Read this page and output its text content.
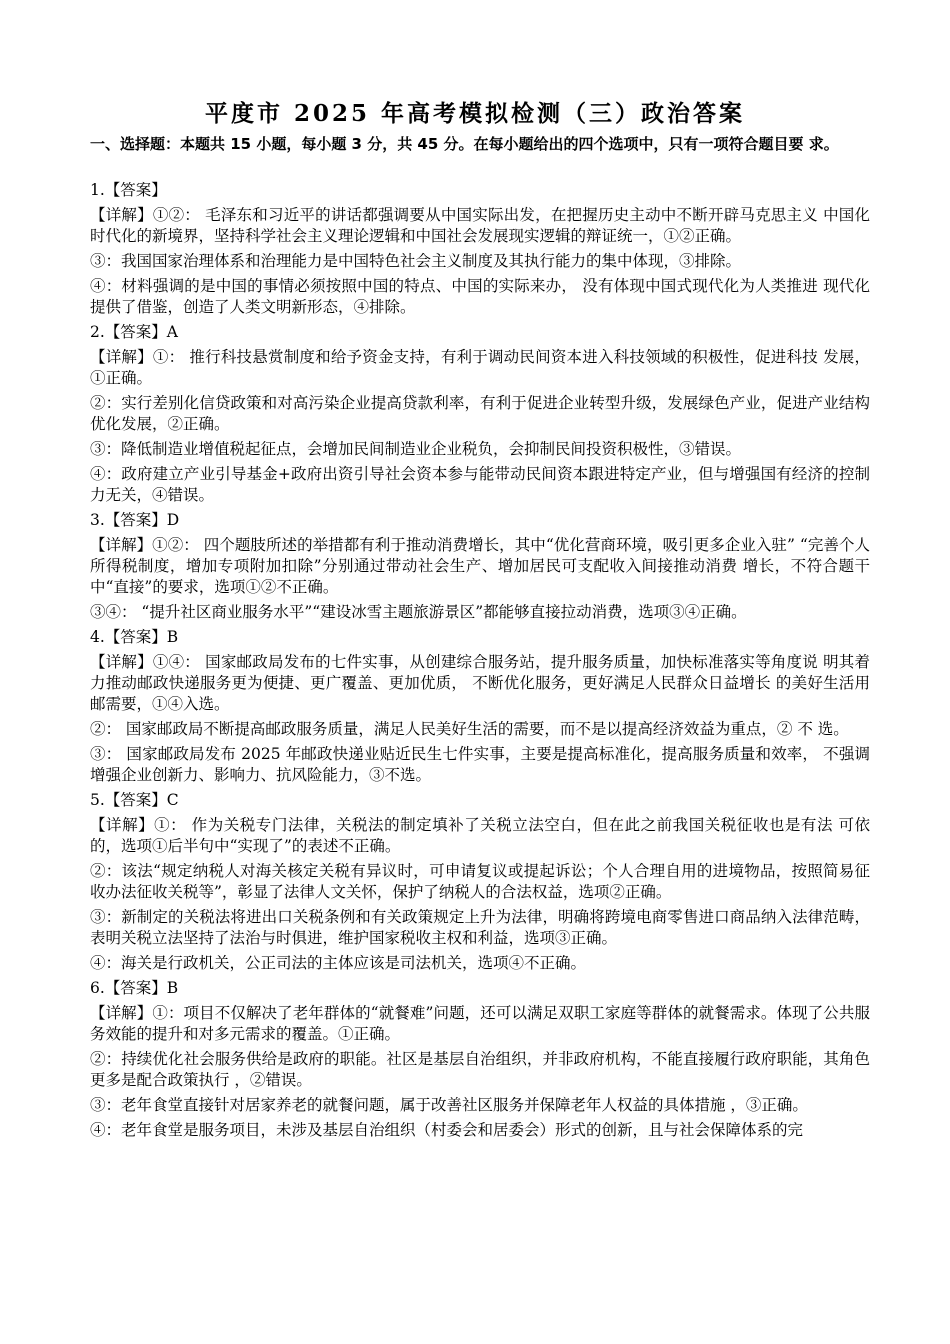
平度市 2025 年高考模拟检测（三）政治答案
一、选择题：本题共 15 小题，每小题 3 分，共 45 分。在每小题给出的四个选项中，只有一项符合题目要 求。
1.【答案】
【详解】①②： 毛泽东和习近平的讲话都强调要从中国实际出发，在把握历史主动中不断开辟马克思主义 中国化时代化的新境界，坚持科学社会主义理论逻辑和中国社会发展现实逻辑的辩证统一，①②正确。
③：我国国家治理体系和治理能力是中国特色社会主义制度及其执行能力的集中体现，③排除。
④：材料强调的是中国的事情必须按照中国的特点、中国的实际来办， 没有体现中国式现代化为人类推进 现代化提供了借鉴，创造了人类文明新形态，④排除。
2.【答案】A
【详解】①： 推行科技悬赏制度和给予资金支持，有利于调动民间资本进入科技领域的积极性，促进科技 发展，①正确。
②：实行差别化信贷政策和对高污染企业提高贷款利率，有利于促进企业转型升级，发展绿色产业，促进产业结构优化发展，②正确。
③：降低制造业增值税起征点，会增加民间制造业企业税负，会抑制民间投资积极性，③错误。
④：政府建立产业引导基金+政府出资引导社会资本参与能带动民间资本跟进特定产业，但与增强国有经济的控制力无关，④错误。
3.【答案】D
【详解】①②： 四个题肢所述的举措都有利于推动消费增长，其中“优化营商环境，吸引更多企业入驻” “完善个人所得税制度，增加专项附加扣除”分别通过带动社会生产、增加居民可支配收入间接推动消费 增长，不符合题干中“直接”的要求，选项①②不正确。
③④： “提升社区商业服务水平”“建设冰雪主题旅游景区”都能够直接拉动消费，选项③④正确。
4.【答案】B
【详解】①④： 国家邮政局发布的七件实事，从创建综合服务站，提升服务质量，加快标准落实等角度说 明其着力推动邮政快递服务更为便捷、更广覆盖、更加优质， 不断优化服务，更好满足人民群众日益增长 的美好生活用邮需要，①④入选。
②： 国家邮政局不断提高邮政服务质量，满足人民美好生活的需要，而不是以提高经济效益为重点，② 不 选。
③： 国家邮政局发布 2025 年邮政快递业贴近民生七件实事，主要是提高标准化，提高服务质量和效率， 不强调增强企业创新力、影响力、抗风险能力，③不选。
5.【答案】C
【详解】①： 作为关税专门法律，关税法的制定填补了关税立法空白，但在此之前我国关税征收也是有法 可依的，选项①后半句中“实现了”的表述不正确。
②：该法“规定纳税人对海关核定关税有异议时，可申请复议或提起诉讼；个人合理自用的进境物品，按照简易征收办法征收关税等”，彰显了法律人文关怀，保护了纳税人的合法权益，选项②正确。
③：新制定的关税法将进出口关税条例和有关政策规定上升为法律，明确将跨境电商零售进口商品纳入法律范畴，表明关税立法坚持了法治与时俱进，维护国家税收主权和利益，选项③正确。
④：海关是行政机关，公正司法的主体应该是司法机关，选项④不正确。
6.【答案】B
【详解】①：项目不仅解决了老年群体的“就餐难”问题，还可以满足双职工家庭等群体的就餐需求。体现了公共服务效能的提升和对多元需求的覆盖。①正确。
②：持续优化社会服务供给是政府的职能。社区是基层自治组织，并非政府机构，不能直接履行政府职能，其角色更多是配合政策执行 ，②错误。
③：老年食堂直接针对居家养老的就餐问题，属于改善社区服务并保障老年人权益的具体措施 ，③正确。
④：老年食堂是服务项目，未涉及基层自治组织（村委会和居委会）形式的创新，且与社会保障体系的完
